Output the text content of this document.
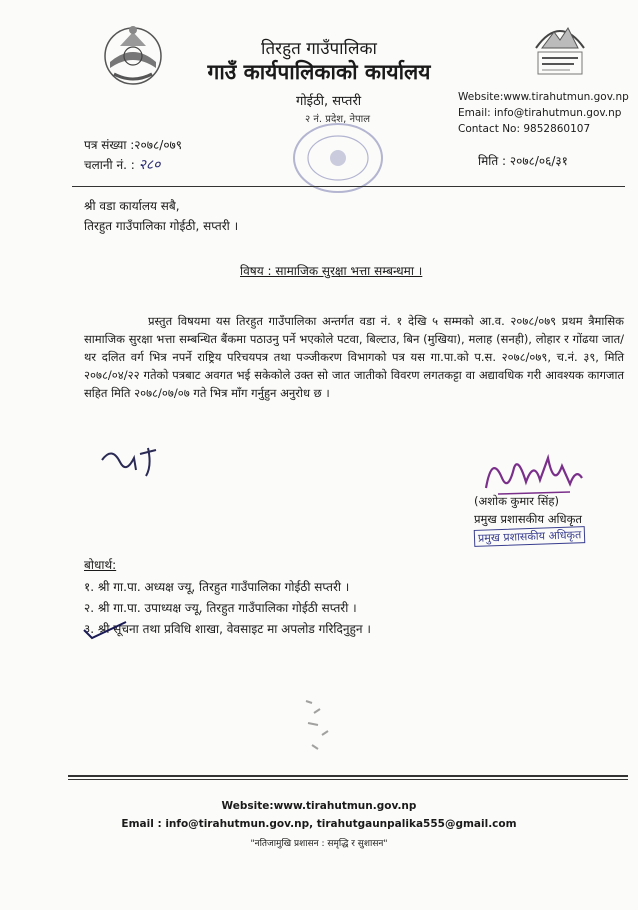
तिरहुत गाउँपालिका
गाउँ कार्यपालिकाको कार्यालय
गोईठी, सप्तरी
२ नं. प्रदेश, नेपाल
Website:www.tirahutmun.gov.np
Email: info@tirahutmun.gov.np
Contact No: 9852860107
पत्र संख्या :२०७८/०७९
चलानी नं. : २८०	मिति : २०७८/०६/३१
श्री वडा कार्यालय सबै,
तिरहुत गाउँपालिका गोईठी, सप्तरी ।
विषय : सामाजिक सुरक्षा भत्ता सम्बन्धमा ।
प्रस्तुत विषयमा यस तिरहुत गाउँपालिका अन्तर्गत वडा नं. १ देखि ५ सम्मको आ.व. २०७८/०७९ प्रथम त्रैमासिक सामाजिक सुरक्षा भत्ता सम्बन्धित बैंकमा पठाउनु पर्ने भएकोले पटवा, बिल्टाउ, बिन (मुखिया), मलाह (सनही), लोहार र गोंढया जात/थर दलित वर्ग भित्र नपर्ने राष्ट्रिय परिचयपत्र तथा पञ्जीकरण विभागको पत्र यस गा.पा.को प.स. २०७८/०७९, च.नं. ३९, मिति २०७८/०४/२२ गतेको पत्रबाट अवगत भई सकेकोले उक्त सो जात जातीको विवरण लगतकट्टा वा अद्यावधिक गरी आवश्यक कागजात सहित मिति २०७८/०७/०७ गते भित्र माँग गर्नुहुन अनुरोध छ ।
(अशोक कुमार सिंह)
प्रमुख प्रशासकीय अधिकृत
प्रमुख प्रशासकीय अधिकृत
बोधार्थ:
१. श्री गा.पा. अध्यक्ष ज्यू, तिरहुत गाउँपालिका गोईठी सप्तरी ।
२. श्री गा.पा. उपाध्यक्ष ज्यू, तिरहुत गाउँपालिका गोईठी सप्तरी ।
३. श्री सूचना तथा प्रविधि शाखा, वेवसाइट मा अपलोड गरिदिनुहुन ।
Website:www.tirahutmun.gov.np
Email : info@tirahutmun.gov.np, tirahutgaunpalika555@gmail.com
"नतिजामुखि प्रशासन : समृद्धि र सुशासन"
